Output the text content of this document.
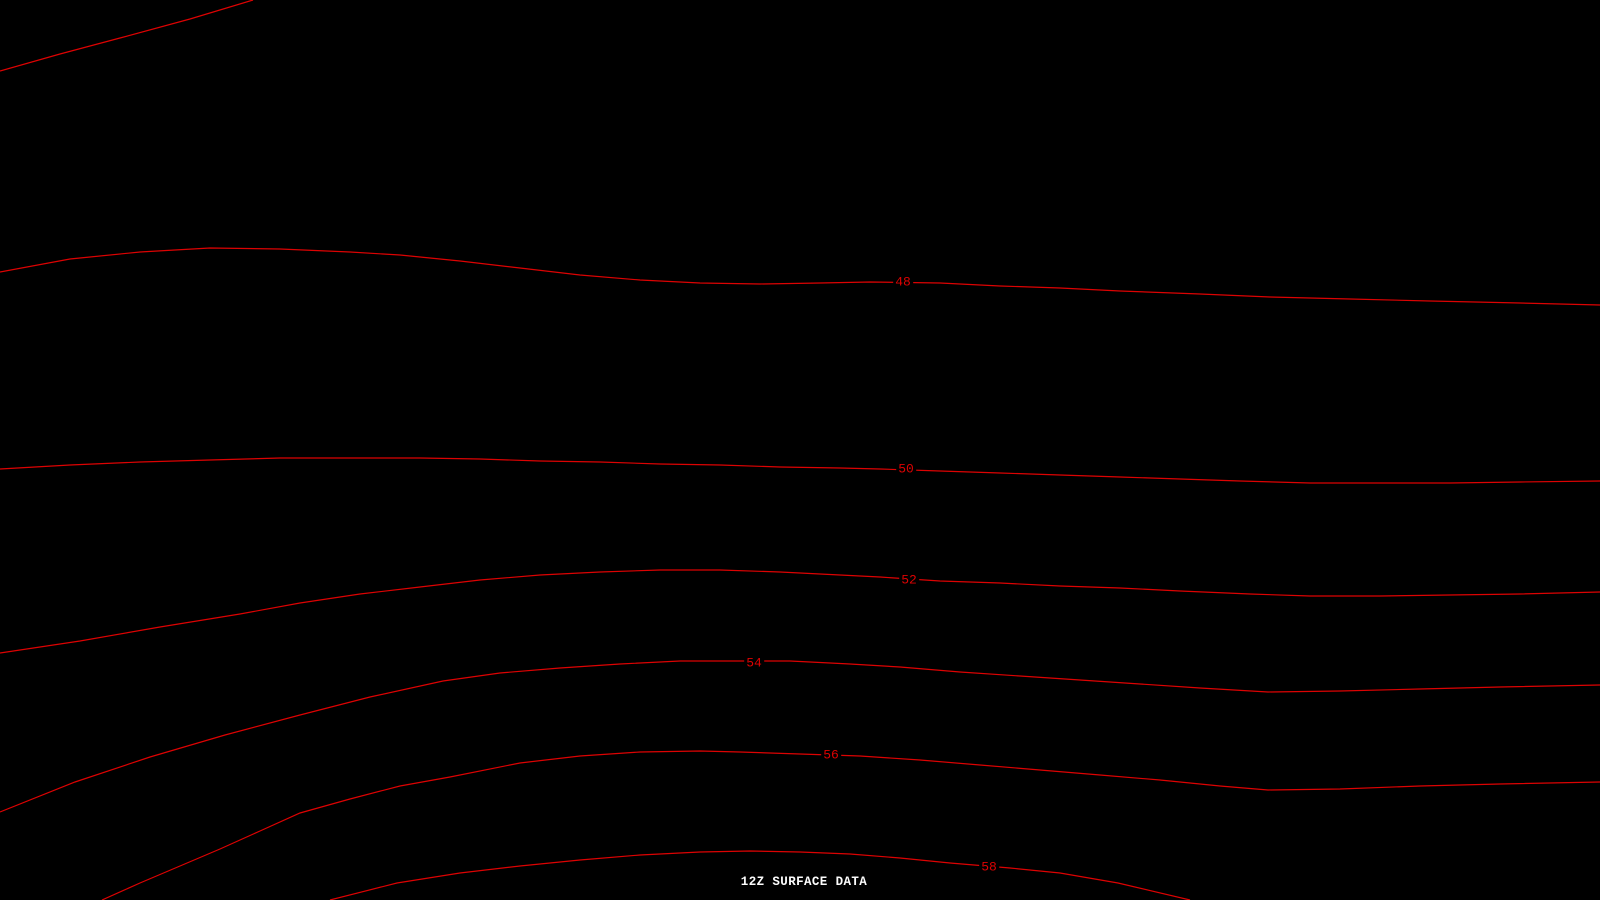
48
50
52
54
56
58
12Z SURFACE DATA
